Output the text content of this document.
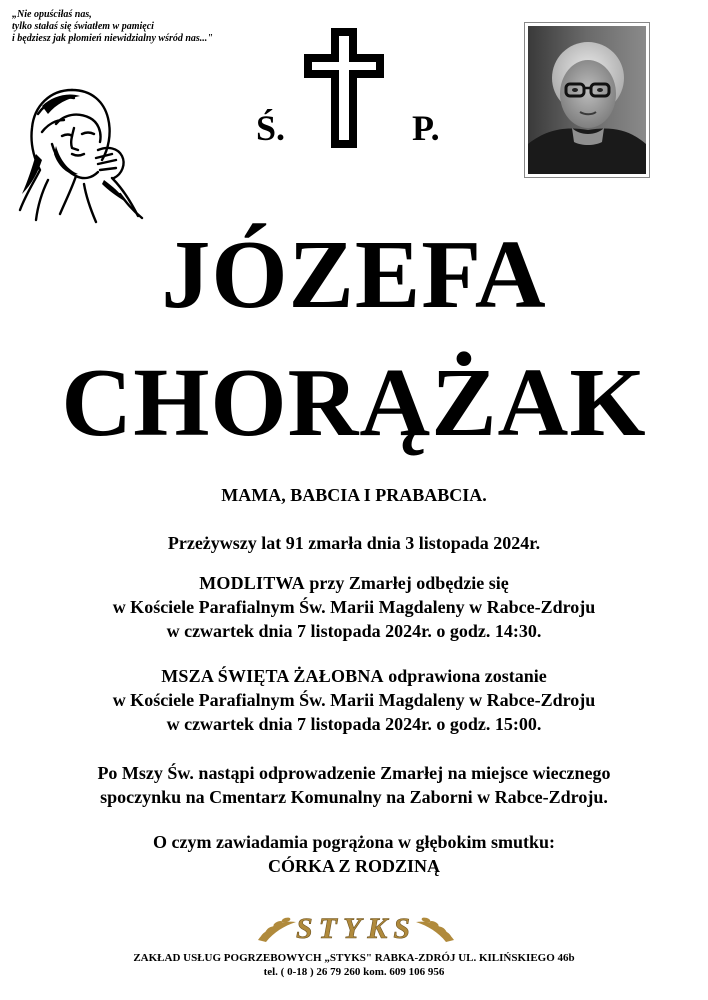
„Nie opuściłaś nas,
tylko stałaś się światłem w pamięci
i będziesz jak płomień niewidzialny wśród nas..."
Ś.	P.
JÓZEFA
CHORĄŻAK
MAMA, BABCIA I PRABABCIA.
Przeżywszy lat 91 zmarła dnia 3 listopada 2024r.
MODLITWA przy Zmarłej odbędzie się
w Kościele Parafialnym Św. Marii Magdaleny w Rabce-Zdroju
w czwartek dnia 7 listopada 2024r. o godz. 14:30.
MSZA ŚWIĘTA ŻAŁOBNA odprawiona zostanie
w Kościele Parafialnym Św. Marii Magdaleny w Rabce-Zdroju
w czwartek dnia 7 listopada 2024r. o godz. 15:00.
Po Mszy Św. nastąpi odprowadzenie Zmarłej na miejsce wiecznego
spoczynku na Cmentarz Komunalny na Zaborni w Rabce-Zdroju.
O czym zawiadamia pogrążona w głębokim smutku:
CÓRKA Z RODZINĄ
STYKS
ZAKŁAD USŁUG POGRZEBOWYCH „STYKS" RABKA-ZDRÓJ UL. KILIŃSKIEGO 46b
tel. ( 0-18 ) 26 79 260 kom. 609 106 956
